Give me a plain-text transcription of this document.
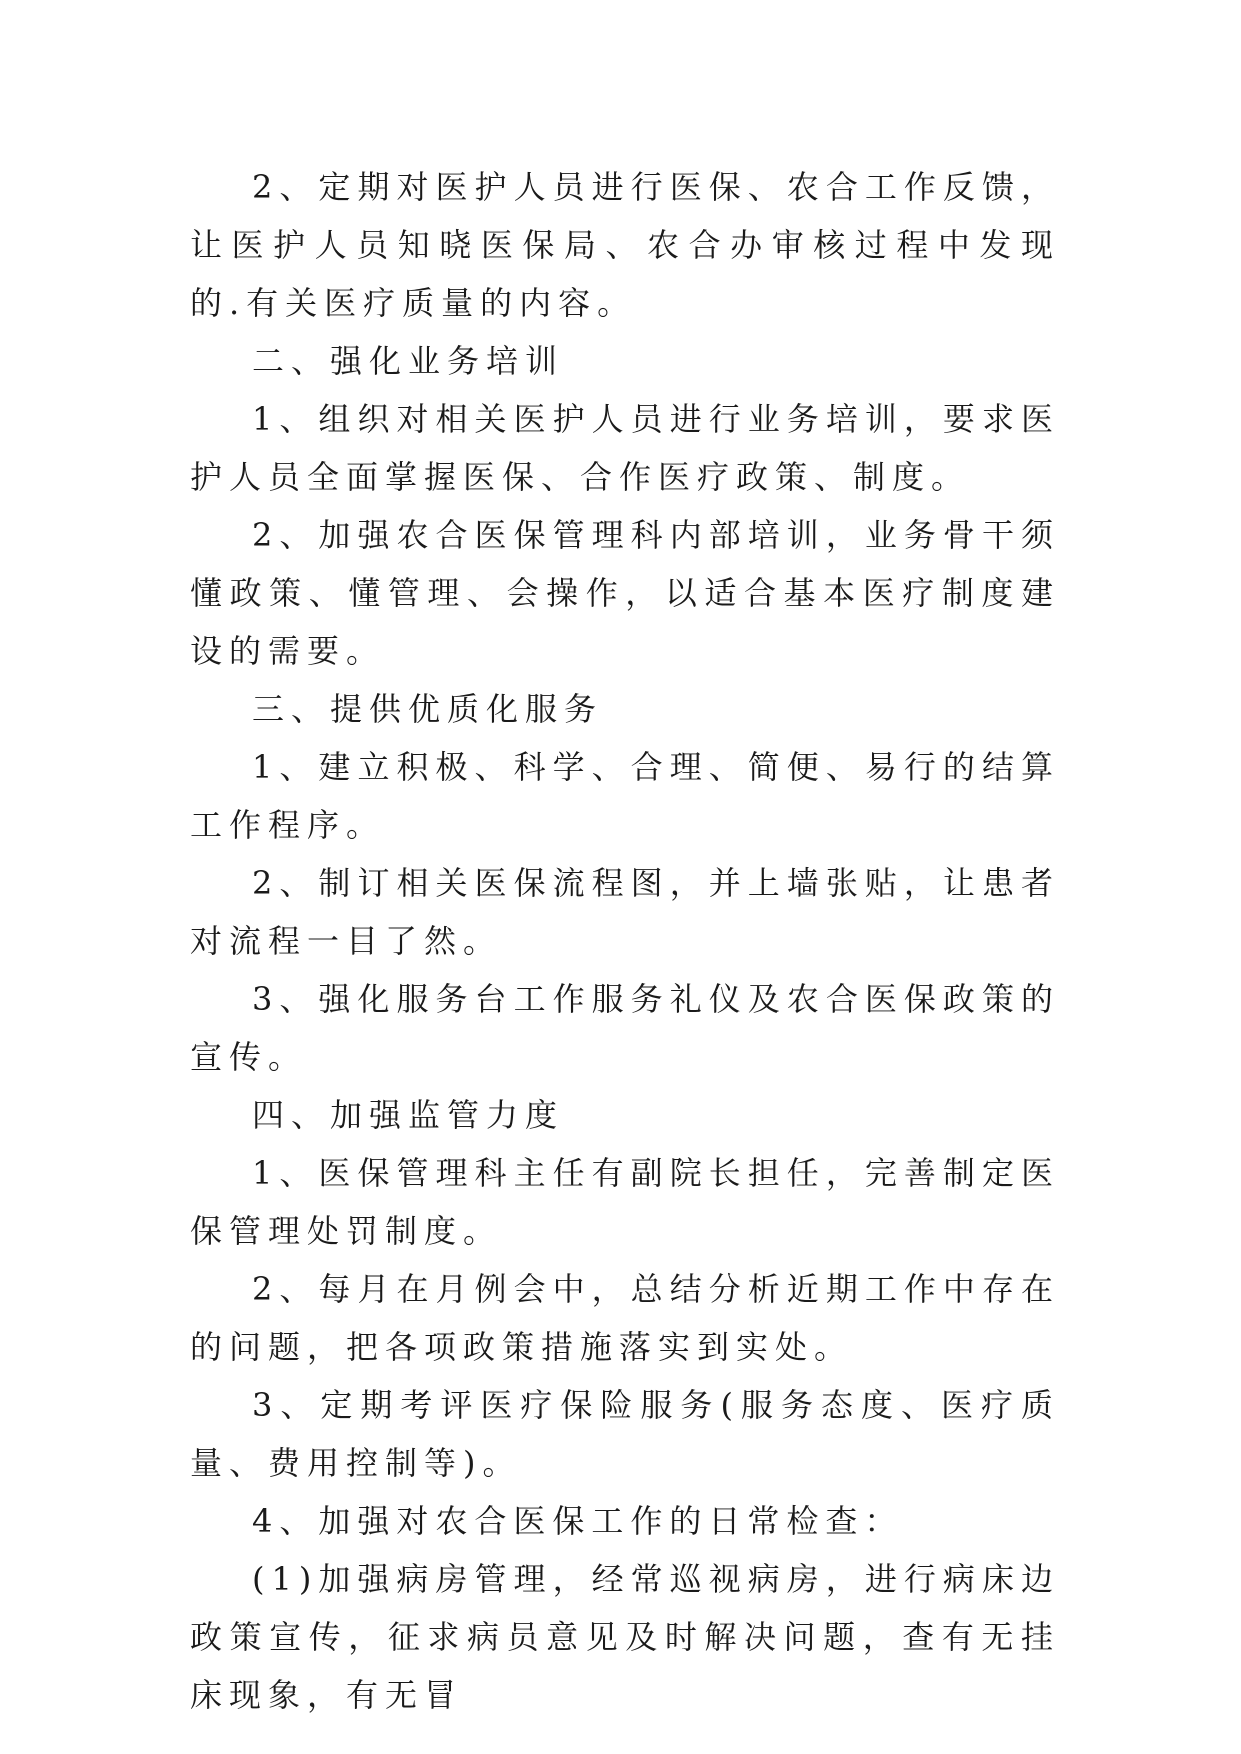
2、定期对医护人员进行医保、农合工作反馈，让医护人员知晓医保局、农合办审核过程中发现的.有关医疗质量的内容。

二、强化业务培训

1、组织对相关医护人员进行业务培训，要求医护人员全面掌握医保、合作医疗政策、制度。

2、加强农合医保管理科内部培训，业务骨干须懂政策、懂管理、会操作，以适合基本医疗制度建设的需要。

三、提供优质化服务

1、建立积极、科学、合理、简便、易行的结算工作程序。

2、制订相关医保流程图，并上墙张贴，让患者对流程一目了然。

3、强化服务台工作服务礼仪及农合医保政策的宣传。

四、加强监管力度

1、医保管理科主任有副院长担任，完善制定医保管理处罚制度。

2、每月在月例会中，总结分析近期工作中存在的问题，把各项政策措施落实到实处。

3、定期考评医疗保险服务(服务态度、医疗质量、费用控制等)。

4、加强对农合医保工作的日常检查：

(1)加强病房管理，经常巡视病房，进行病床边政策宣传，征求病员意见及时解决问题，查有无挂床现象，有无冒
